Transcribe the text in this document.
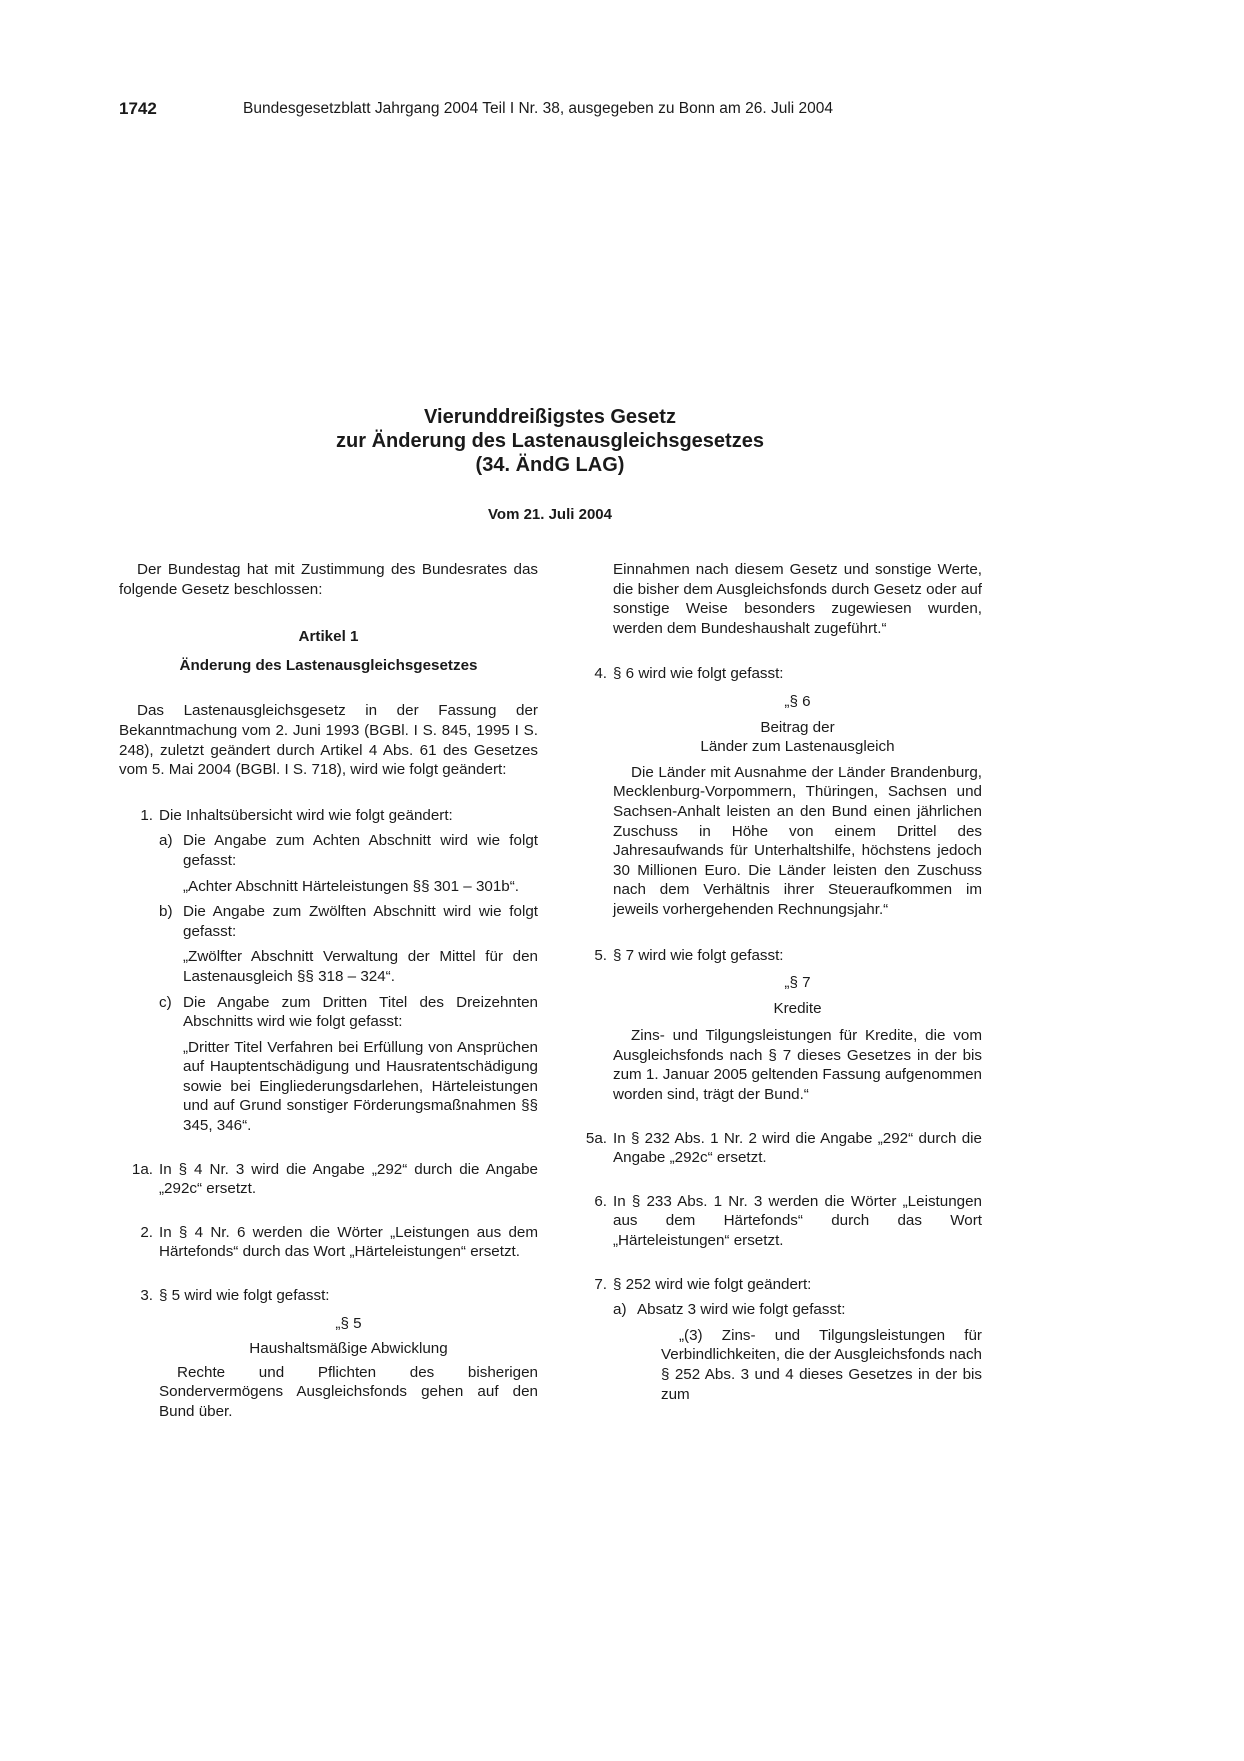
1742	Bundesgesetzblatt Jahrgang 2004 Teil I Nr. 38, ausgegeben zu Bonn am 26. Juli 2004
Vierunddreißigstes Gesetz
zur Änderung des Lastenausgleichsgesetzes
(34. ÄndG LAG)
Vom 21. Juli 2004

Der Bundestag hat mit Zustimmung des Bundesrates das folgende Gesetz beschlossen:

Artikel 1

Änderung des Lastenausgleichsgesetzes

Das Lastenausgleichsgesetz in der Fassung der Bekanntmachung vom 2. Juni 1993 (BGBl. I S. 845, 1995 I S. 248), zuletzt geändert durch Artikel 4 Abs. 61 des Gesetzes vom 5. Mai 2004 (BGBl. I S. 718), wird wie folgt geändert:

1. Die Inhaltsübersicht wird wie folgt geändert:

a) Die Angabe zum Achten Abschnitt wird wie folgt gefasst:

„Achter Abschnitt Härteleistungen §§ 301 – 301b“.

b) Die Angabe zum Zwölften Abschnitt wird wie folgt gefasst:

„Zwölfter Abschnitt Verwaltung der Mittel für den Lastenausgleich §§ 318 – 324“.

c) Die Angabe zum Dritten Titel des Dreizehnten Abschnitts wird wie folgt gefasst:

„Dritter Titel Verfahren bei Erfüllung von Ansprüchen auf Hauptentschädigung und Hausratentschädigung sowie bei Eingliederungsdarlehen, Härteleistungen und auf Grund sonstiger Förderungsmaßnahmen §§ 345, 346“.

1a. In § 4 Nr. 3 wird die Angabe „292“ durch die Angabe „292c“ ersetzt.

2. In § 4 Nr. 6 werden die Wörter „Leistungen aus dem Härtefonds“ durch das Wort „Härteleistungen“ ersetzt.

3. § 5 wird wie folgt gefasst:

„§ 5

Haushaltsmäßige Abwicklung

Rechte und Pflichten des bisherigen Sondervermögens Ausgleichsfonds gehen auf den Bund über.

Einnahmen nach diesem Gesetz und sonstige Werte, die bisher dem Ausgleichsfonds durch Gesetz oder auf sonstige Weise besonders zugewiesen wurden, werden dem Bundeshaushalt zugeführt.“

4. § 6 wird wie folgt gefasst:

„§ 6

Beitrag der

Länder zum Lastenausgleich

Die Länder mit Ausnahme der Länder Brandenburg, Mecklenburg-Vorpommern, Thüringen, Sachsen und Sachsen-Anhalt leisten an den Bund einen jährlichen Zuschuss in Höhe von einem Drittel des Jahresaufwands für Unterhaltshilfe, höchstens jedoch 30 Millionen Euro. Die Länder leisten den Zuschuss nach dem Verhältnis ihrer Steueraufkommen im jeweils vorhergehenden Rechnungsjahr.“

5. § 7 wird wie folgt gefasst:

„§ 7

Kredite

Zins- und Tilgungsleistungen für Kredite, die vom Ausgleichsfonds nach § 7 dieses Gesetzes in der bis zum 1. Januar 2005 geltenden Fassung aufgenommen worden sind, trägt der Bund.“

5a. In § 232 Abs. 1 Nr. 2 wird die Angabe „292“ durch die Angabe „292c“ ersetzt.

6. In § 233 Abs. 1 Nr. 3 werden die Wörter „Leistungen aus dem Härtefonds“ durch das Wort „Härteleistungen“ ersetzt.

7. § 252 wird wie folgt geändert:

a) Absatz 3 wird wie folgt gefasst:

„(3) Zins- und Tilgungsleistungen für Verbindlichkeiten, die der Ausgleichsfonds nach § 252 Abs. 3 und 4 dieses Gesetzes in der bis zum
